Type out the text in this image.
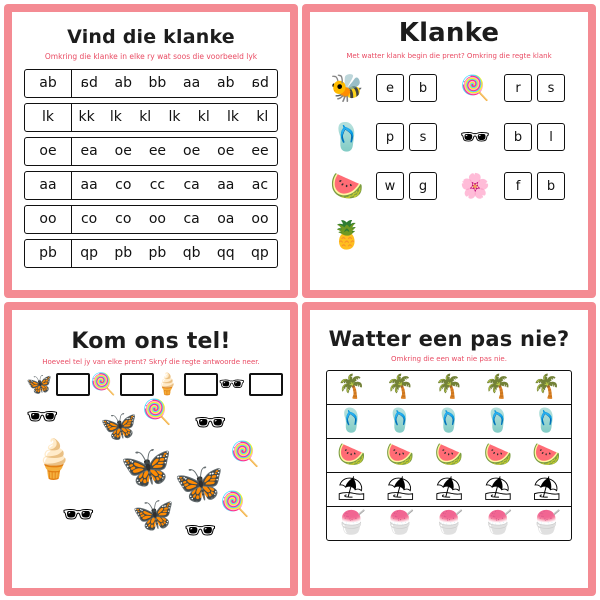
Vind die klanke
Omkring die klanke in elke ry wat soos die voorbeeld lyk
ab	ba	ab	bb	aa	ab	ba
lk	kk	lk	kl	lk	kl	lk	kl
oe	ea	oe	ee	oe	oe	ee
aa	aa	co	cc	ca	aa	ac
oo	co	co	oo	ca	oa	oo
pb	qp	pb	pb	qb	qq	qp
Klanke
Met watter klank begin die prent? Omkring die regte klank
🐝	e	b	🍭	r	s
🩴	p	s	🕶	b	l
🍉	w	g	🌸	f	b
🍍
Kom ons tel!
Hoeveel tel jy van elke prent? Skryf die regte antwoorde neer.
🦋 🍭 🍦 🕶
🕶
🍦
🦋 🍭
🦋
🕶
🦋
🍭
🕶 🦋 🍭
🕶
Watter een pas nie?
Omkring die een wat nie pas nie.
🌴 🌴 🌴 🌴 🌴
🩴 🩴 🩴 🩴 🩴
🍉 🍉 🍉 🍉 🍉
⛱ ⛱ ⛱ ⛱ ⛱
🍧 🍧 🍧 🍧 🍧
